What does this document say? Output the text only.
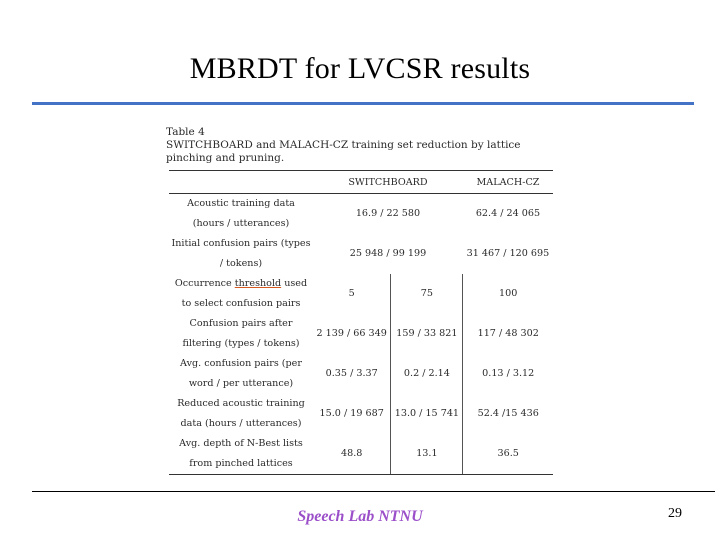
MBRDT for LVCSR results
Table 4
SWITCHBOARD and MALACH-CZ training set reduction by lattice pinching and pruning.
	SWITCHBOARD		MALACH-CZ
Acoustic training data (hours / utterances)	16.9 / 22 580		62.4 / 24 065
Initial confusion pairs (types / tokens)	25 948 / 99 199		31 467 / 120 695
Occurrence threshold used to select confusion pairs	5	75	100
Confusion pairs after filtering (types / tokens)	2 139 / 66 349	159 / 33 821	117 / 48 302
Avg. confusion pairs (per word / per utterance)	0.35 / 3.37	0.2 / 2.14	0.13 / 3.12
Reduced acoustic training data (hours / utterances)	15.0 / 19 687	13.0 / 15 741	52.4 /15 436
Avg. depth of N-Best lists from pinched lattices	48.8	13.1	36.5
Speech Lab NTNU	29
